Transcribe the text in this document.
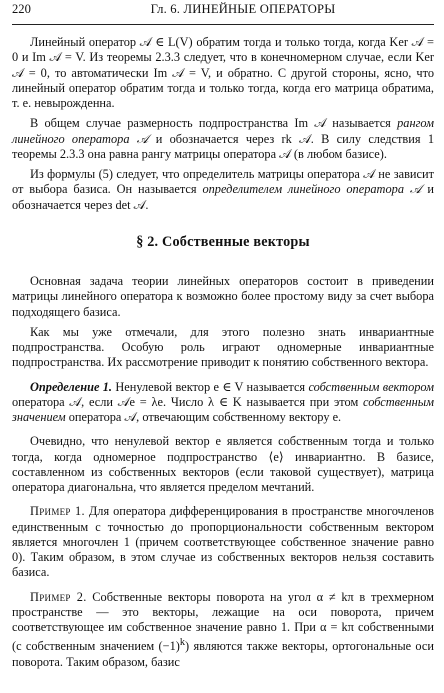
220	Гл. 6. ЛИНЕЙНЫЕ ОПЕРАТОРЫ

Линейный оператор 𝒜 ∈ L(V) обратим тогда и только тогда, когда Ker 𝒜 = 0 и Im 𝒜 = V. Из теоремы 2.3.3 следует, что в конечномерном случае, если Ker 𝒜 = 0, то автоматически Im 𝒜 = V, и обратно. С другой стороны, ясно, что линейный оператор обратим тогда и только тогда, когда его матрица обратима, т. е. невырожденна.

В общем случае размерность подпространства Im 𝒜 называется рангом линейного оператора 𝒜 и обозначается через rk 𝒜. В силу следствия 1 теоремы 2.3.3 она равна рангу матрицы оператора 𝒜 (в любом базисе).

Из формулы (5) следует, что определитель матрицы оператора 𝒜 не зависит от выбора базиса. Он называется определителем линейного оператора 𝒜 и обозначается через det 𝒜.

§ 2. Собственные векторы

Основная задача теории линейных операторов состоит в приведении матрицы линейного оператора к возможно более простому виду за счет выбора подходящего базиса.

Как мы уже отмечали, для этого полезно знать инвариантные подпространства. Особую роль играют одномерные инвариантные подпространства. Их рассмотрение приводит к понятию собственного вектора.

Определение 1. Ненулевой вектор e ∈ V называется собственным вектором оператора 𝒜, если 𝒜e = λe. Число λ ∈ K называется при этом собственным значением оператора 𝒜, отвечающим собственному вектору e.

Очевидно, что ненулевой вектор e является собственным тогда и только тогда, когда одномерное подпространство ⟨e⟩ инвариантно. В базисе, составленном из собственных векторов (если таковой существует), матрица оператора диагональна, что является пределом мечтаний.

Пример 1. Для оператора дифференцирования в пространстве многочленов единственным с точностью до пропорциональности собственным вектором является многочлен 1 (причем соответствующее собственное значение равно 0). Таким образом, в этом случае из собственных векторов нельзя составить базиса.

Пример 2. Собственные векторы поворота на угол α ≠ kπ в трехмерном пространстве — это векторы, лежащие на оси поворота, причем соответствующее им собственное значение равно 1. При α = kπ собственными (с собственным значением $(-1)^k$) являются также векторы, ортогональные оси поворота. Таким образом, базис
